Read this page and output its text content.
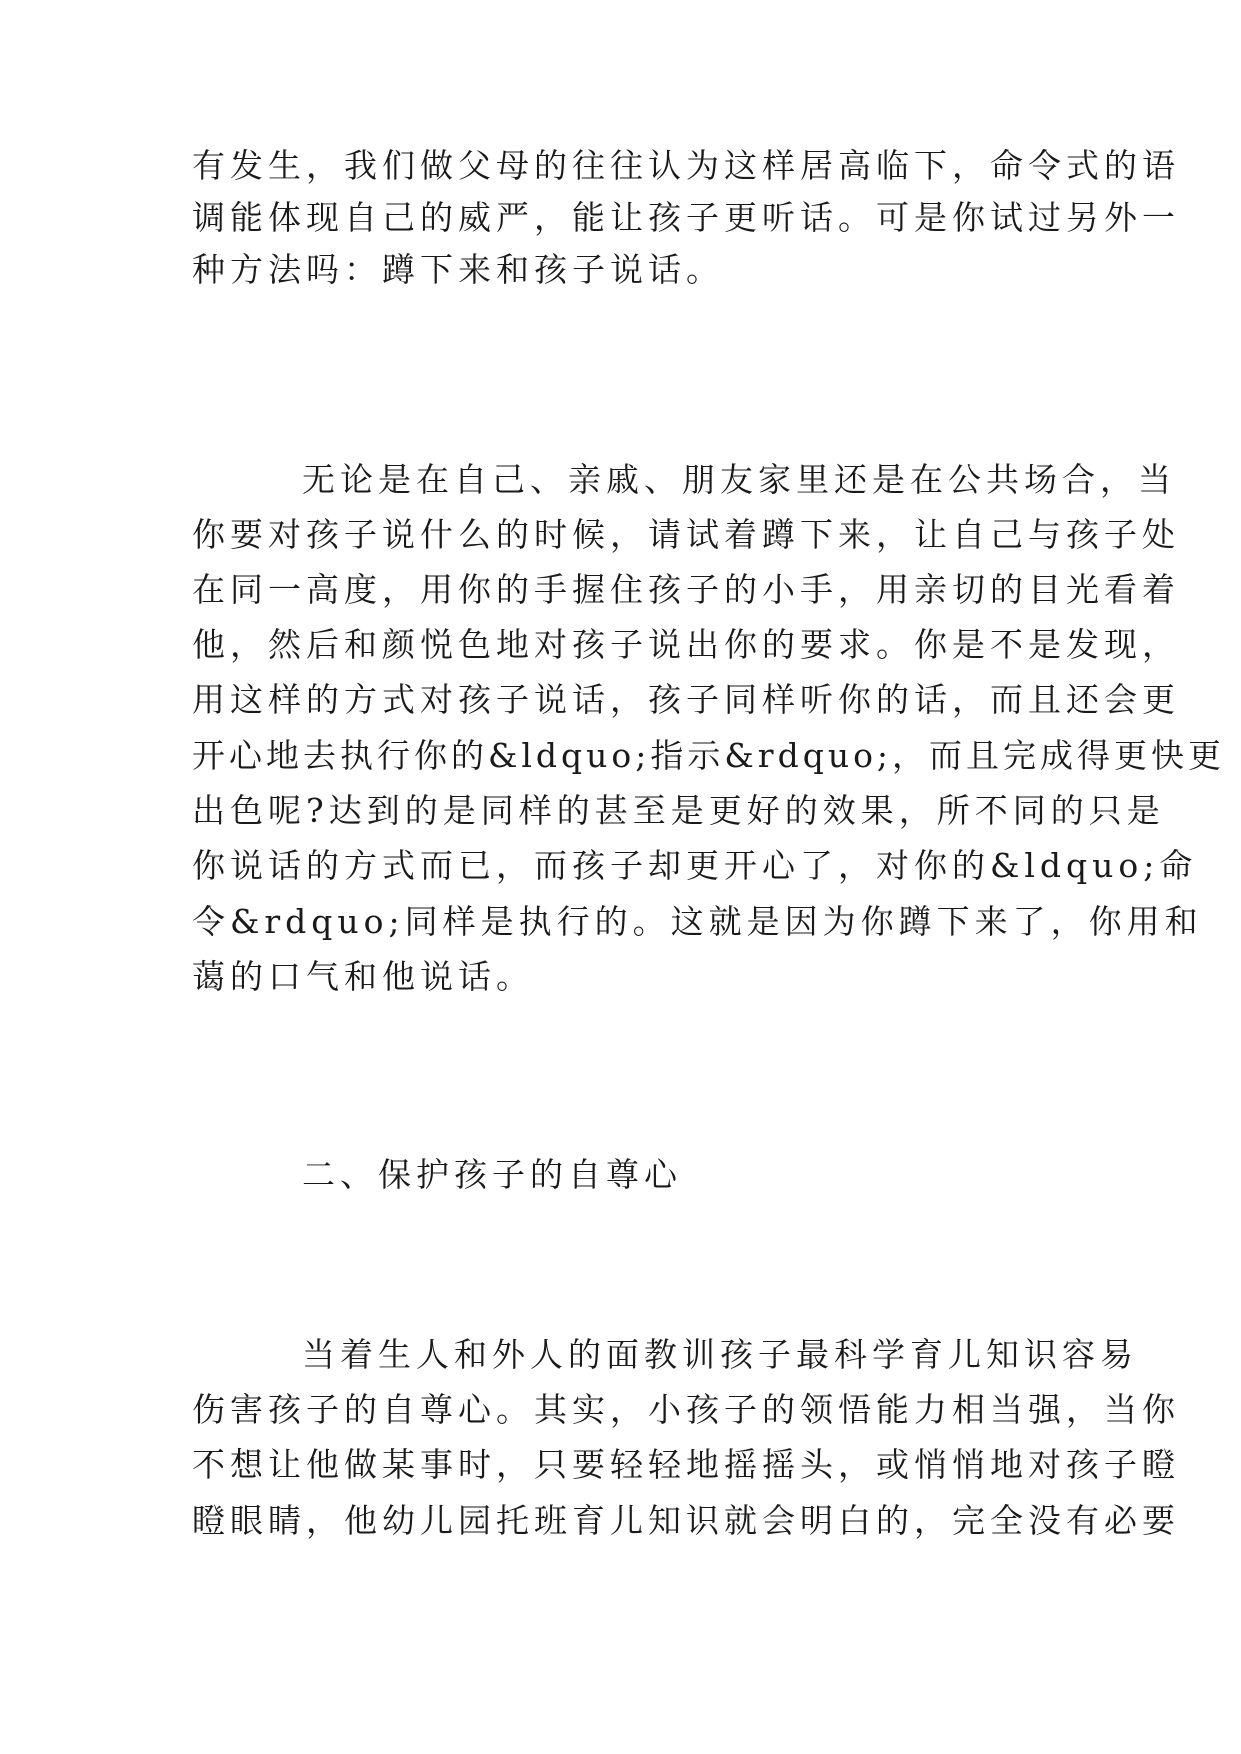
有发生，我们做父母的往往认为这样居高临下，命令式的语

调能体现自己的威严，能让孩子更听话。可是你试过另外一

种方法吗：蹲下来和孩子说话。

无论是在自己、亲戚、朋友家里还是在公共场合，当

你要对孩子说什么的时候，请试着蹲下来，让自己与孩子处

在同一高度，用你的手握住孩子的小手，用亲切的目光看着

他，然后和颜悦色地对孩子说出你的要求。你是不是发现，

用这样的方式对孩子说话，孩子同样听你的话，而且还会更

开心地去执行你的&ldquo;指示&rdquo;，而且完成得更快更

出色呢?达到的是同样的甚至是更好的效果，所不同的只是

你说话的方式而已，而孩子却更开心了，对你的&ldquo;命

令&rdquo;同样是执行的。这就是因为你蹲下来了，你用和

蔼的口气和他说话。

二、保护孩子的自尊心

当着生人和外人的面教训孩子最科学育儿知识容易

伤害孩子的自尊心。其实，小孩子的领悟能力相当强，当你

不想让他做某事时，只要轻轻地摇摇头，或悄悄地对孩子瞪

瞪眼睛，他幼儿园托班育儿知识就会明白的，完全没有必要
